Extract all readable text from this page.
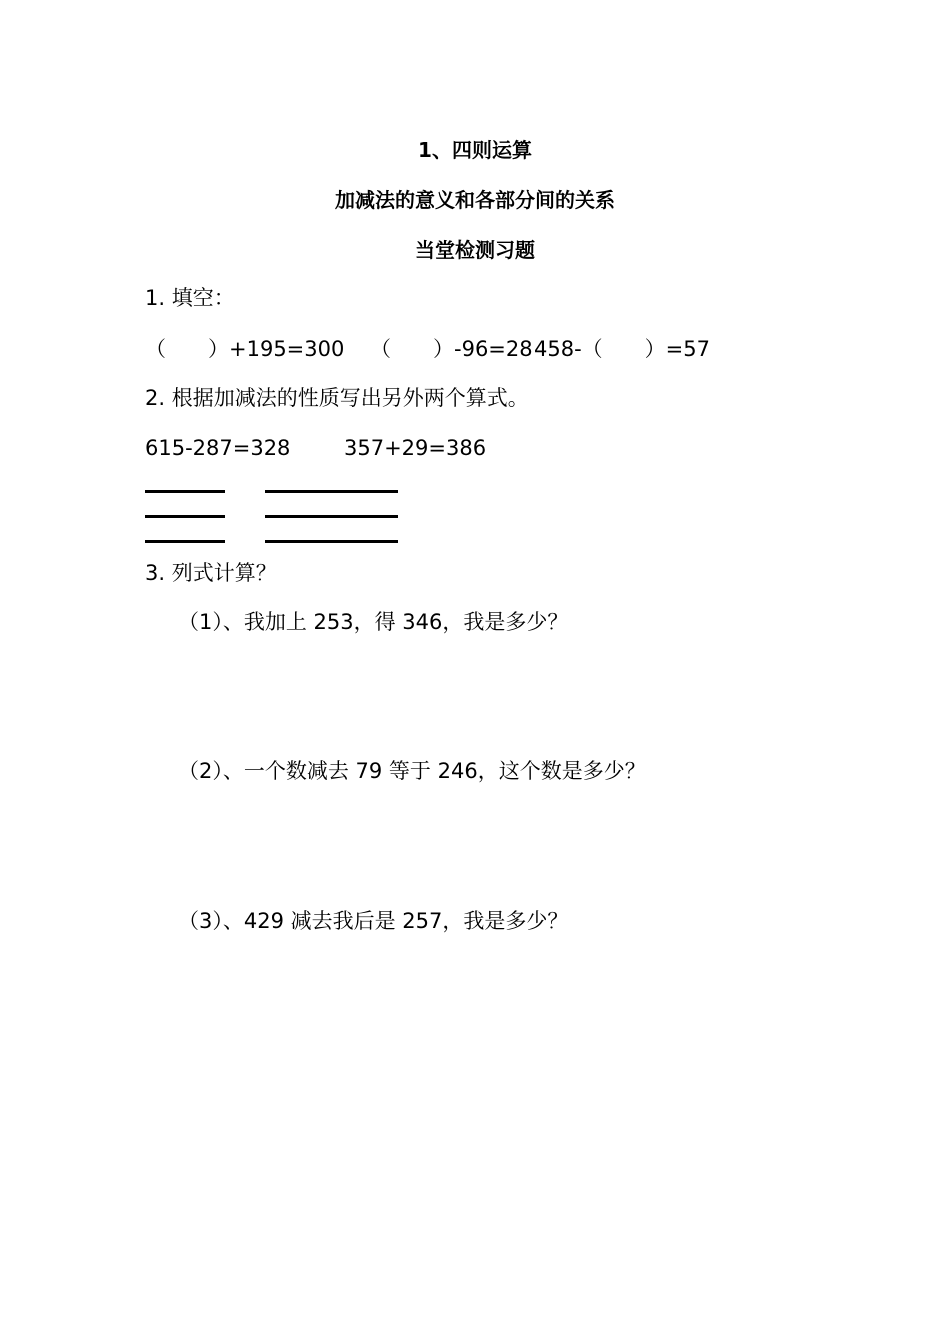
1、四则运算
加减法的意义和各部分间的关系
当堂检测习题
1. 填空：
（　　）+195=300 （　　）-96=28 458-（　　）=57
2. 根据加减法的性质写出另外两个算式。
615-287=328	357+29=386
3. 列式计算？
（1）、我加上 253，得 346，我是多少？
（2）、一个数减去 79 等于 246，这个数是多少？
（3）、429 减去我后是 257，我是多少？
